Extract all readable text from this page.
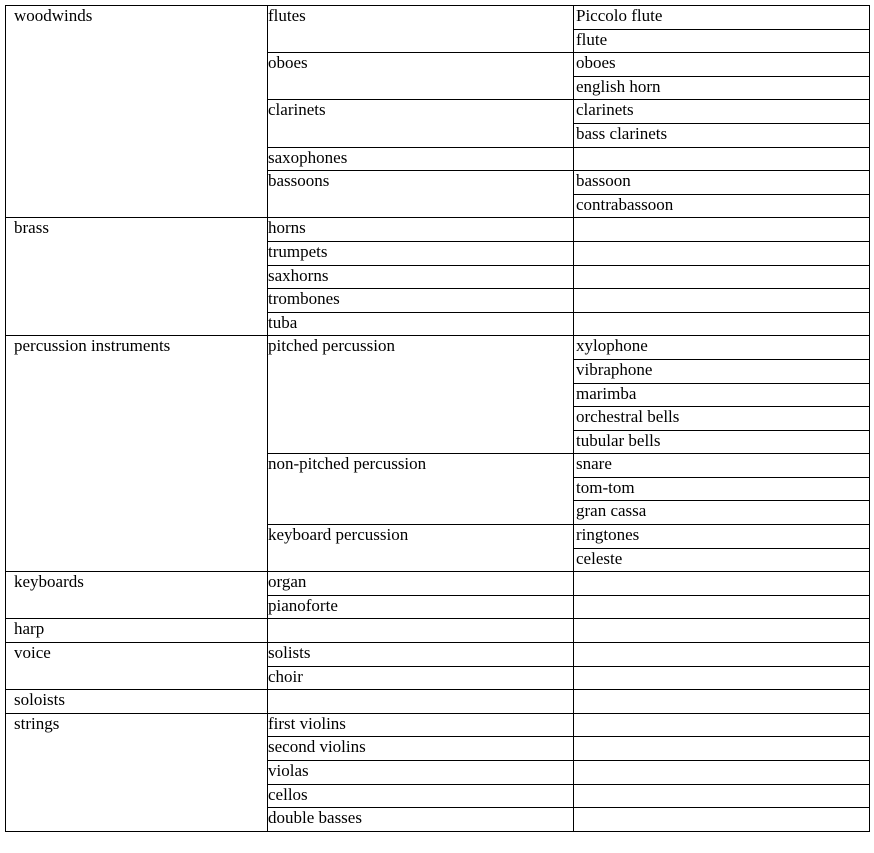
woodwinds	flutes	Piccolo flute
		flute
	oboes	oboes
		english horn
	clarinets	clarinets
		bass clarinets
	saxophones	
	bassoons	bassoon
		contrabassoon
brass	horns	
	trumpets	
	saxhorns	
	trombones	
	tuba	
percussion instruments	pitched percussion	xylophone
		vibraphone
		marimba
		orchestral bells
		tubular bells
	non-pitched percussion	snare
		tom-tom
		gran cassa
	keyboard percussion	ringtones
		celeste
keyboards	organ	
	pianoforte	
harp		
voice	solists	
	choir	
soloists		
strings	first violins	
	second violins	
	violas	
	cellos	
	double basses	
